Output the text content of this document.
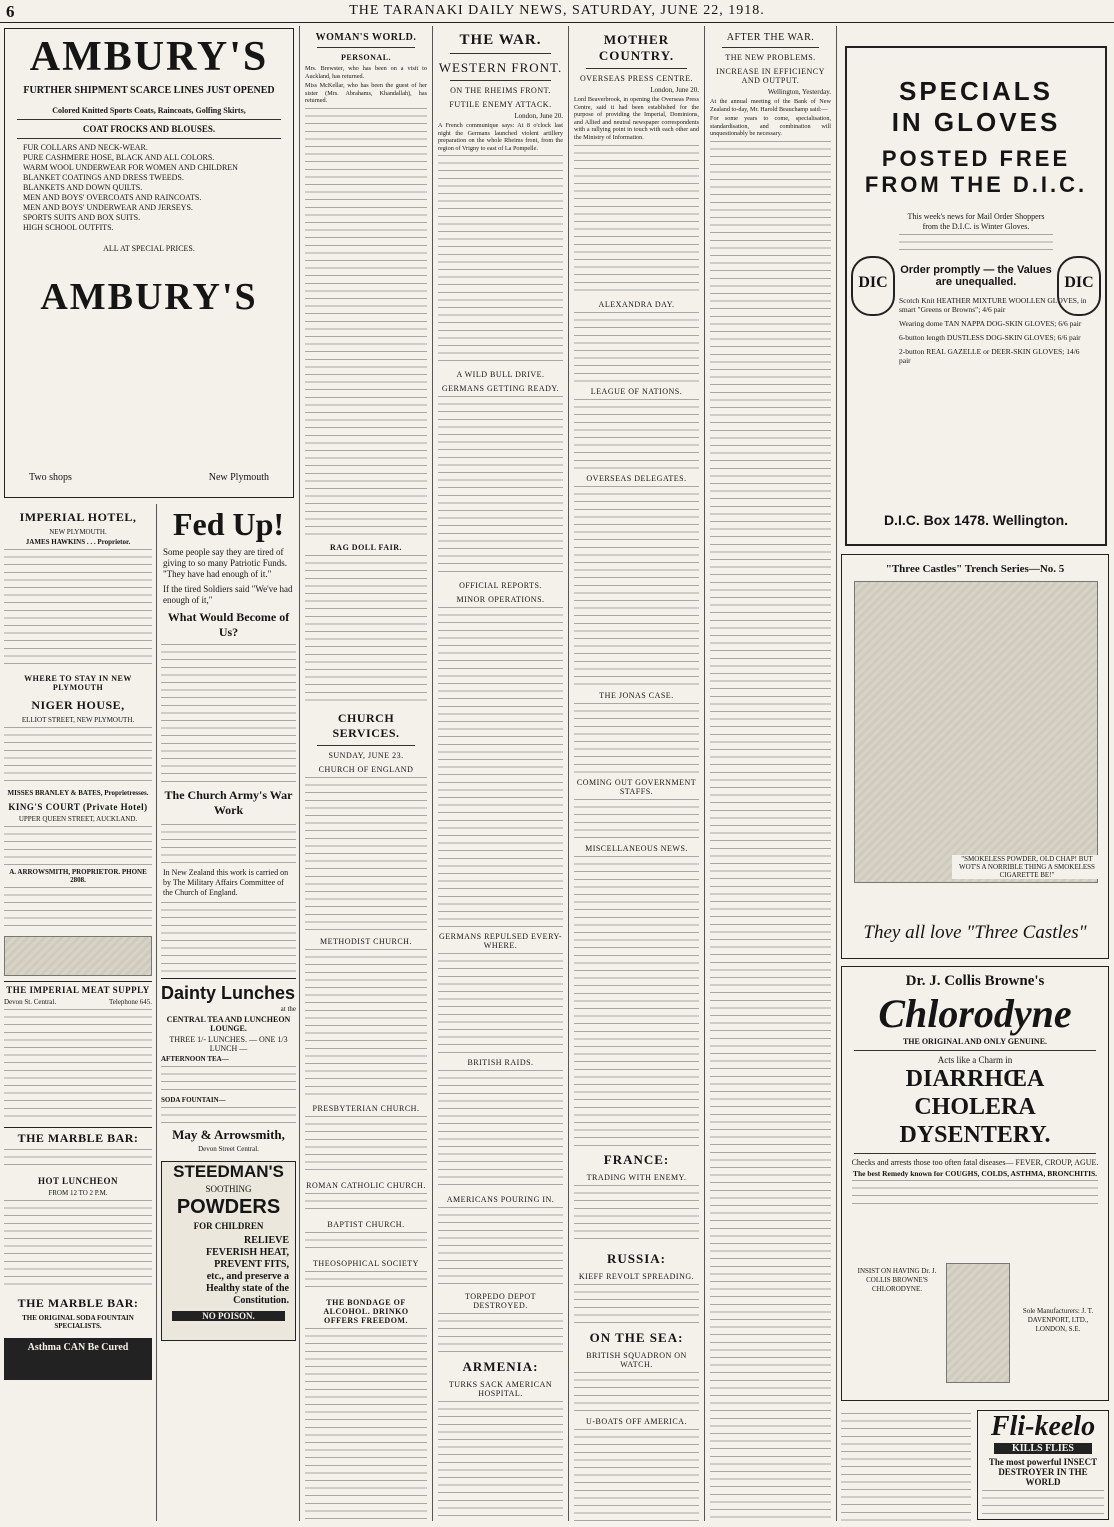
6	THE TARANAKI DAILY NEWS, SATURDAY, JUNE 22, 1918.
AMBURY'S
FURTHER SHIPMENT SCARCE LINES JUST OPENED
Colored Knitted Sports Coats, Raincoats, Golfing Skirts,
COAT FROCKS AND BLOUSES.
FUR COLLARS AND NECK-WEAR.
PURE CASHMERE HOSE, BLACK AND ALL COLORS.
WARM WOOL UNDERWEAR FOR WOMEN AND CHILDREN
BLANKET COATINGS AND DRESS TWEEDS.
BLANKETS AND DOWN QUILTS.
MEN AND BOYS' OVERCOATS AND RAINCOATS.
MEN AND BOYS' UNDERWEAR AND JERSEYS.
SPORTS SUITS AND BOX SUITS.
HIGH SCHOOL OUTFITS.
ALL AT SPECIAL PRICES.
AMBURY'S
Two shops	New Plymouth
IMPERIAL HOTEL,
NEW PLYMOUTH.
JAMES HAWKINS . . . Proprietor.
WHERE TO STAY IN NEW PLYMOUTH
NIGER HOUSE,
ELLIOT STREET, NEW PLYMOUTH.
MISSES BRANLEY & BATES, Proprietresses.
KING'S COURT (Private Hotel)
UPPER QUEEN STREET, AUCKLAND.
A. ARROWSMITH, PROPRIETOR. PHONE 2808.
THE IMPERIAL MEAT SUPPLY
Devon St. Central.	Telephone 645.
THE MARBLE BAR:
HOT LUNCHEON
FROM 12 TO 2 P.M.
THE MARBLE BAR:
THE ORIGINAL SODA FOUNTAIN SPECIALISTS.
Asthma CAN Be Cured
Fed Up!
Some people say they are tired of giving to so many Patriotic Funds. "They have had enough of it."
If the tired Soldiers said "We've had enough of it,"
What Would Become of Us?
The Church Army's War Work
In New Zealand this work is carried on by The Military Affairs Committee of the Church of England.
Dainty Lunches
at the
CENTRAL TEA AND LUNCHEON LOUNGE.
THREE 1/- LUNCHES. — ONE 1/3 LUNCH —
AFTERNOON TEA—
SODA FOUNTAIN—
May & Arrowsmith,
Devon Street Central.
STEEDMAN'S
SOOTHING
POWDERS
FOR CHILDREN
RELIEVE FEVERISH HEAT, PREVENT FITS, etc., and preserve a Healthy state of the Constitution.
NO POISON.
WOMAN'S WORLD.
PERSONAL.
Mrs. Brewster, who has been on a visit to Auckland, has returned.
Miss McKellar, who has been the guest of her sister (Mrs. Abrahams, Khandallah), has returned.
RAG DOLL FAIR.
CHURCH SERVICES.
SUNDAY, JUNE 23.
CHURCH OF ENGLAND
METHODIST CHURCH.
PRESBYTERIAN CHURCH.
ROMAN CATHOLIC CHURCH.
BAPTIST CHURCH.
THEOSOPHICAL SOCIETY
THE BONDAGE OF ALCOHOL. DRINKO OFFERS FREEDOM.
THE WAR.
WESTERN FRONT.
ON THE RHEIMS FRONT.
FUTILE ENEMY ATTACK.
London, June 20.
A French communique says: At 8 o'clock last night the Germans launched violent artillery preparation on the whole Rheims front, from the region of Vrigny to east of La Pompelle.
A WILD BULL DRIVE.
GERMANS GETTING READY.
OFFICIAL REPORTS.
MINOR OPERATIONS.
GERMANS REPULSED EVERY-WHERE.
BRITISH RAIDS.
AMERICANS POURING IN.
TORPEDO DEPOT DESTROYED.
ARMENIA:
TURKS SACK AMERICAN HOSPITAL.
MOTHER COUNTRY.
OVERSEAS PRESS CENTRE.
London, June 20.
Lord Beaverbrook, in opening the Overseas Press Centre, said it had been established for the purpose of providing the Imperial, Dominions, and Allied and neutral newspaper correspondents with a rallying point in touch with each other and the Ministry of Information.
ALEXANDRA DAY.
LEAGUE OF NATIONS.
OVERSEAS DELEGATES.
THE JONAS CASE.
COMING OUT GOVERNMENT STAFFS.
MISCELLANEOUS NEWS.
FRANCE:
TRADING WITH ENEMY.
RUSSIA:
KIEFF REVOLT SPREADING.
ON THE SEA:
BRITISH SQUADRON ON WATCH.
U-BOATS OFF AMERICA.
AFTER THE WAR.
THE NEW PROBLEMS.
INCREASE IN EFFICIENCY AND OUTPUT.
Wellington, Yesterday.
At the annual meeting of the Bank of New Zealand to-day, Mr. Harold Beauchamp said:—
For some years to come, specialisation, standardisation, and combination will unquestionably be necessary.
SPECIALS
IN GLOVES
POSTED FREE
FROM THE D.I.C.
DIC	DIC
This week's news for Mail Order Shoppers from the D.I.C. is Winter Gloves.
Order promptly — the Values are unequalled.
Scotch Knit HEATHER MIXTURE WOOLLEN GLOVES, in smart "Greens or Browns"; 4/6 pair
Wearing dome TAN NAPPA DOG-SKIN GLOVES; 6/6 pair
6-button length DUSTLESS DOG-SKIN GLOVES; 6/6 pair
2-button REAL GAZELLE or DEER-SKIN GLOVES; 14/6 pair
D.I.C. Box 1478. Wellington.
"Three Castles" Trench Series—No. 5
"SMOKELESS POWDER, OLD CHAP! BUT WOT'S A NORRIBLE THING A SMOKELESS CIGARETTE BE!"
They all love "Three Castles"
Dr. J. Collis Browne's
Chlorodyne
THE ORIGINAL AND ONLY GENUINE.
Acts like a Charm in
DIARRHŒA
CHOLERA
DYSENTERY.
Checks and arrests those too often fatal diseases— FEVER, CROUP, AGUE.
The best Remedy known for COUGHS, COLDS, ASTHMA, BRONCHITIS.
INSIST ON HAVING Dr. J. COLLIS BROWNE'S CHLORODYNE.
Sole Manufacturers: J. T. DAVENPORT, LTD., LONDON, S.E.
Fli-keelo
KILLS FLIES
The most powerful INSECT DESTROYER IN THE WORLD
